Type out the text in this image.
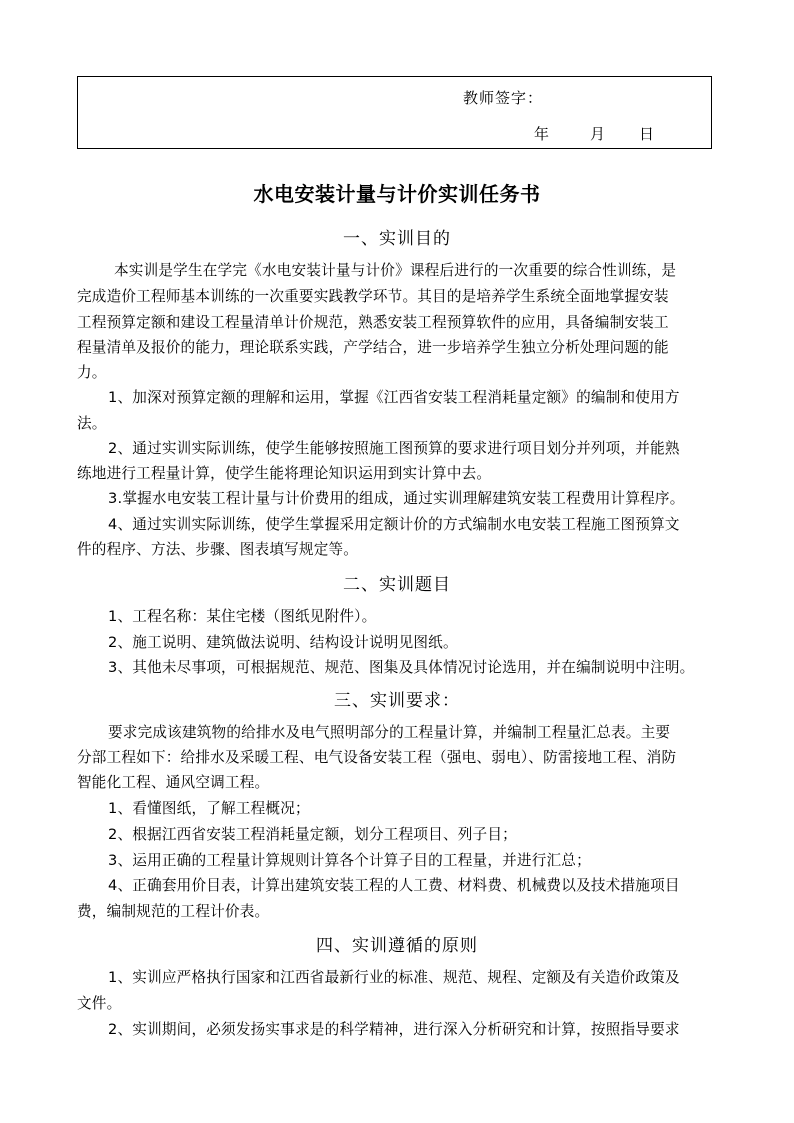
教师签字：
年	月 日
水电安装计量与计价实训任务书
一、实训目的
本实训是学生在学完《水电安装计量与计价》课程后进行的一次重要的综合性训练，是
完成造价工程师基本训练的一次重要实践教学环节。其目的是培养学生系统全面地掌握安装
工程预算定额和建设工程量清单计价规范，熟悉安装工程预算软件的应用，具备编制安装工
程量清单及报价的能力，理论联系实践，产学结合，进一步培养学生独立分析处理问题的能
力。
1、加深对预算定额的理解和运用，掌握《江西省安装工程消耗量定额》的编制和使用方
法。
2、通过实训实际训练，使学生能够按照施工图预算的要求进行项目划分并列项，并能熟
练地进行工程量计算，使学生能将理论知识运用到实计算中去。
3.掌握水电安装工程计量与计价费用的组成，通过实训理解建筑安装工程费用计算程序。
4、通过实训实际训练，使学生掌握采用定额计价的方式编制水电安装工程施工图预算文
件的程序、方法、步骤、图表填写规定等。
二、实训题目
1、工程名称：某住宅楼（图纸见附件）。
2、施工说明、建筑做法说明、结构设计说明见图纸。
3、其他未尽事项，可根据规范、规范、图集及具体情况讨论选用，并在编制说明中注明。
三、实训要求：
要求完成该建筑物的给排水及电气照明部分的工程量计算，并编制工程量汇总表。主要
分部工程如下：给排水及采暖工程、电气设备安装工程（强电、弱电）、防雷接地工程、消防
智能化工程、通风空调工程。
1、看懂图纸，了解工程概况；
2、根据江西省安装工程消耗量定额，划分工程项目、列子目；
3、运用正确的工程量计算规则计算各个计算子目的工程量，并进行汇总；
4、正确套用价目表，计算出建筑安装工程的人工费、材料费、机械费以及技术措施项目
费，编制规范的工程计价表。
四、实训遵循的原则
1、实训应严格执行国家和江西省最新行业的标准、规范、规程、定额及有关造价政策及
文件。
2、实训期间，必须发扬实事求是的科学精神，进行深入分析研究和计算，按照指导要求
